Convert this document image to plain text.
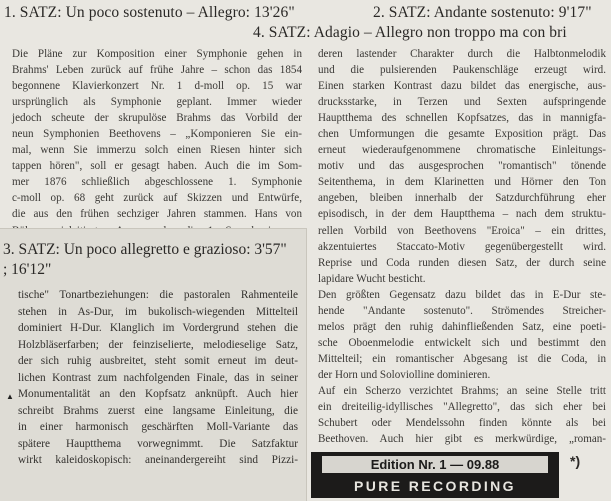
1. SATZ: Un poco sostenuto – Allegro: 13'26"	2. SATZ: Andante sostenuto: 9'17"
4. SATZ: Adagio – Allegro non troppo ma con bri
Die Pläne zur Komposition einer Symphonie gehen in
Brahms' Leben zurück auf frühe Jahre – schon das 1854
begonnene Klavierkonzert Nr. 1 d-moll op. 15 war
ursprünglich als Symphonie geplant. Immer wieder
jedoch scheute der skrupulöse Brahms das Vorbild der
neun Symphonien Beethovens – „Komponieren Sie ein-
mal, wenn Sie immerzu solch einen Riesen hinter sich
tappen hören", soll er gesagt haben. Auch die im Som-
mer 1876 schließlich abgeschlossene 1. Symphonie
c-moll op. 68 geht zurück auf Skizzen und Entwürfe,
die aus den frühen sechziger Jahren stammen. Hans von
deren lastender Charakter durch die Halbtonmelodik
und die pulsierenden Paukenschläge erzeugt wird.
Einen starken Kontrast dazu bildet das energische, aus-
drucksstarke, in Terzen und Sexten aufspringende
Hauptthema des schnellen Kopfsatzes, das in mannigfa-
chen Umformungen die gesamte Exposition prägt. Das
erneut wiederaufgenommene chromatische Einleitungs-
motiv und das ausgesprochen "romantisch" tönende
Seitenthema, in dem Klarinetten und Hörner den Ton
angeben, bleiben innerhalb der Satzdurchführung eher
episodisch, in der dem Hauptthema – nach dem struktu-
rellen Vorbild von Beethovens "Eroica" – ein drittes,
akzentuiertes Staccato-Motiv gegenübergestellt wird.
Reprise und Coda runden diesen Satz, der durch seine
lapidare Wucht besticht.
Den größten Gegensatz dazu bildet das in E-Dur ste-
hende "Andante sostenuto". Strömendes Streicher-
melos prägt den ruhig dahinfließenden Satz, eine poeti-
sche Oboenmelodie entwickelt sich und bestimmt den
Mittelteil; ein romantischer Abgesang ist die Coda, in
der Horn und Soloviolline dominieren.
Auf ein Scherzo verzichtet Brahms; an seine Stelle tritt
ein dreiteilig-idyllisches "Allegretto", das sich eher bei
Schubert oder Mendelssohn finden könnte als bei
Beethoven. Auch hier gibt es merkwürdige, „roman-
3. SATZ: Un poco allegretto e grazioso: 3'57"
; 16'12"
tische" Tonartbeziehungen: die pastoralen Rahmenteile
stehen in As-Dur, im bukolisch-wiegenden Mittelteil
dominiert H-Dur. Klanglich im Vordergrund stehen die
Holzbläserfarben; der feinziselierte, melodieselige Satz,
der sich ruhig ausbreitet, steht somit erneut im deut-
lichen Kontrast zum nachfolgenden Finale, das in seiner
Monumentalität an den Kopfsatz anknüpft. Auch hier
schreibt Brahms zuerst eine langsame Einleitung, die
in einer harmonisch geschärften Moll-Variante das
spätere Hauptthema vorwegnimmt. Die Satzfaktur
wirkt kaleidoskopisch: aneinandergereiht sind Pizzi-
▲
Edition Nr. 1 — 09.88
PURE RECORDING
*)
